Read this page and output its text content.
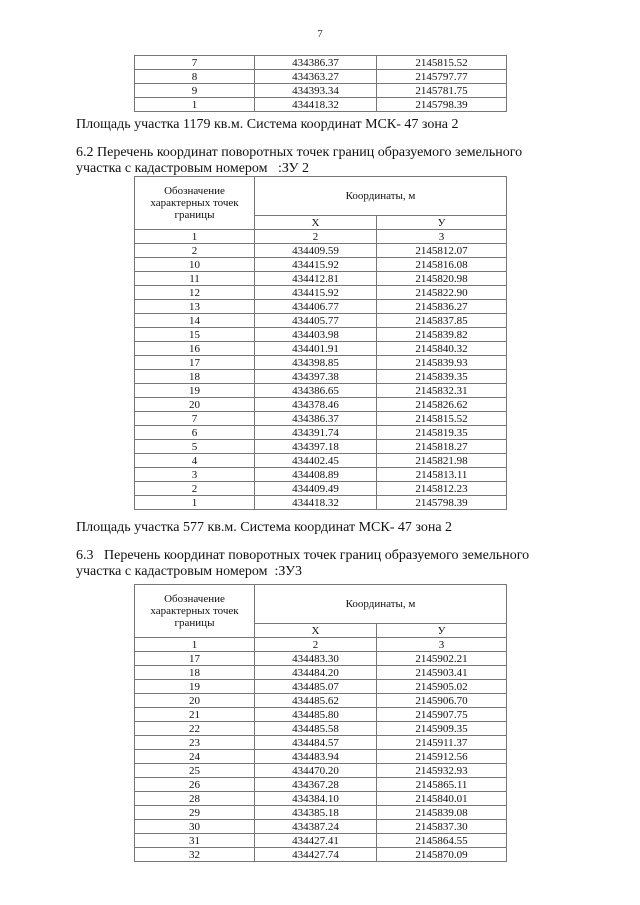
7
7	434386.37	2145815.52
8	434363.27	2145797.77
9	434393.34	2145781.75
1	434418.32	2145798.39
Площадь участка 1179 кв.м. Система координат МСК- 47 зона 2
6.2 Перечень координат поворотных точек границ образуемого земельного
участка с кадастровым номером   :ЗУ 2
Обозначение характерных точек границы	Координаты, м	
	X	У
1	2	3
2	434409.59	2145812.07
10	434415.92	2145816.08
11	434412.81	2145820.98
12	434415.92	2145822.90
13	434406.77	2145836.27
14	434405.77	2145837.85
15	434403.98	2145839.82
16	434401.91	2145840.32
17	434398.85	2145839.93
18	434397.38	2145839.35
19	434386.65	2145832.31
20	434378.46	2145826.62
7	434386.37	2145815.52
6	434391.74	2145819.35
5	434397.18	2145818.27
4	434402.45	2145821.98
3	434408.89	2145813.11
2	434409.49	2145812.23
1	434418.32	2145798.39
Площадь участка 577 кв.м. Система координат МСК- 47 зона 2
6.3   Перечень координат поворотных точек границ образуемого земельного
участка с кадастровым номером  :ЗУ3
Обозначение характерных точек границы	Координаты, м	
	X	У
1	2	3
17	434483.30	2145902.21
18	434484.20	2145903.41
19	434485.07	2145905.02
20	434485.62	2145906.70
21	434485.80	2145907.75
22	434485.58	2145909.35
23	434484.57	2145911.37
24	434483.94	2145912.56
25	434470.20	2145932.93
26	434367.28	2145865.11
28	434384.10	2145840.01
29	434385.18	2145839.08
30	434387.24	2145837.30
31	434427.41	2145864.55
32	434427.74	2145870.09
